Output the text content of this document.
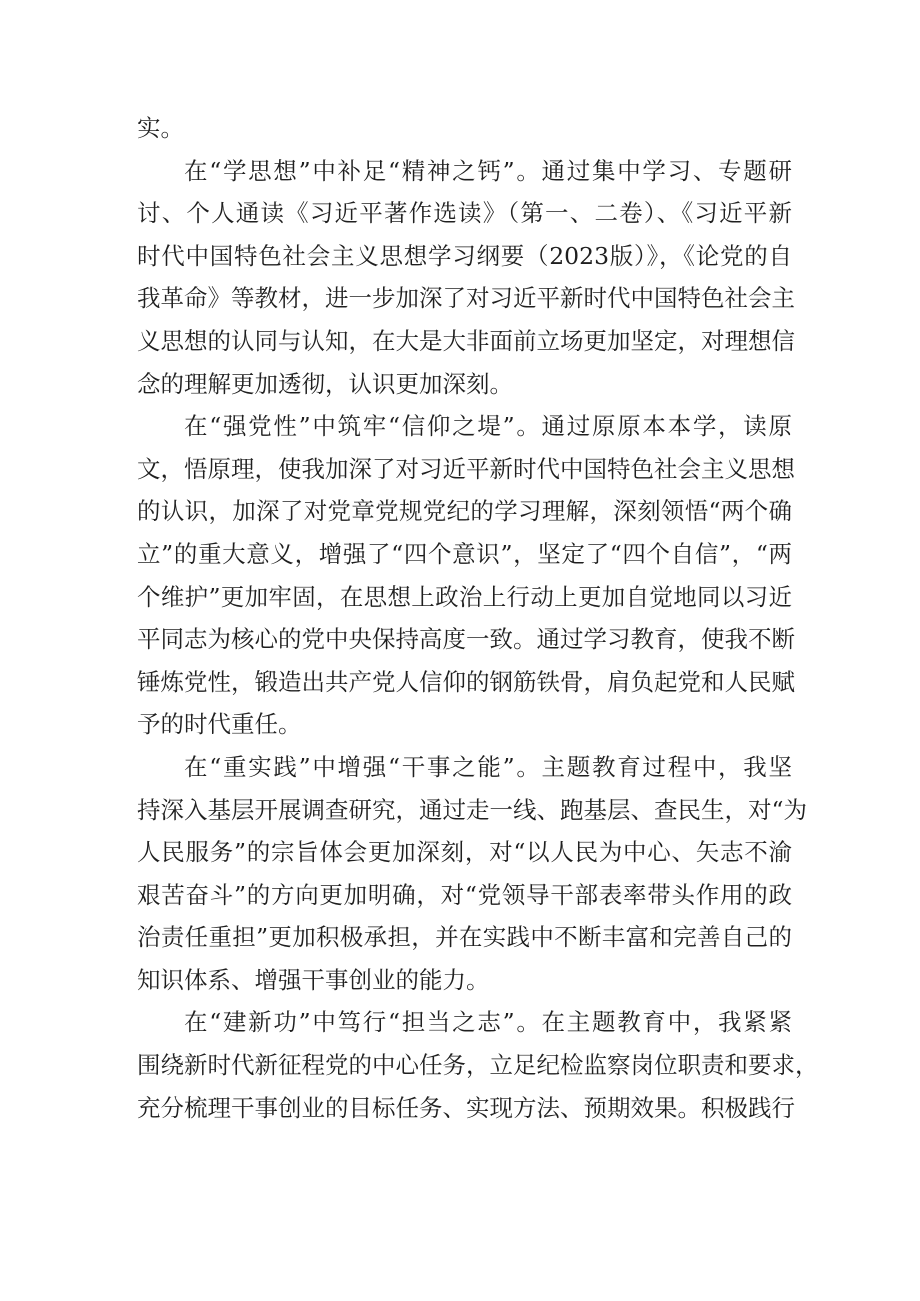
实。
在“学思想”中补足“精神之钙”。通过集中学习、专题研
讨、个人通读《习近平著作选读》（第一、二卷）、《习近平新
时代中国特色社会主义思想学习纲要（2023版）》，《论党的自
我革命》等教材，进一步加深了对习近平新时代中国特色社会主
义思想的认同与认知，在大是大非面前立场更加坚定，对理想信
念的理解更加透彻，认识更加深刻。
在“强党性”中筑牢“信仰之堤”。通过原原本本学，读原
文，悟原理，使我加深了对习近平新时代中国特色社会主义思想
的认识，加深了对党章党规党纪的学习理解，深刻领悟“两个确
立”的重大意义，增强了“四个意识”，坚定了“四个自信”，“两
个维护”更加牢固，在思想上政治上行动上更加自觉地同以习近
平同志为核心的党中央保持高度一致。通过学习教育，使我不断
锤炼党性，锻造出共产党人信仰的钢筋铁骨，肩负起党和人民赋
予的时代重任。
在“重实践”中增强“干事之能”。主题教育过程中，我坚
持深入基层开展调查研究，通过走一线、跑基层、查民生，对“为
人民服务”的宗旨体会更加深刻，对“以人民为中心、矢志不渝
艰苦奋斗”的方向更加明确，对“党领导干部表率带头作用的政
治责任重担”更加积极承担，并在实践中不断丰富和完善自己的
知识体系、增强干事创业的能力。
在“建新功”中笃行“担当之志”。在主题教育中，我紧紧
围绕新时代新征程党的中心任务，立足纪检监察岗位职责和要求，
充分梳理干事创业的目标任务、实现方法、预期效果。积极践行
